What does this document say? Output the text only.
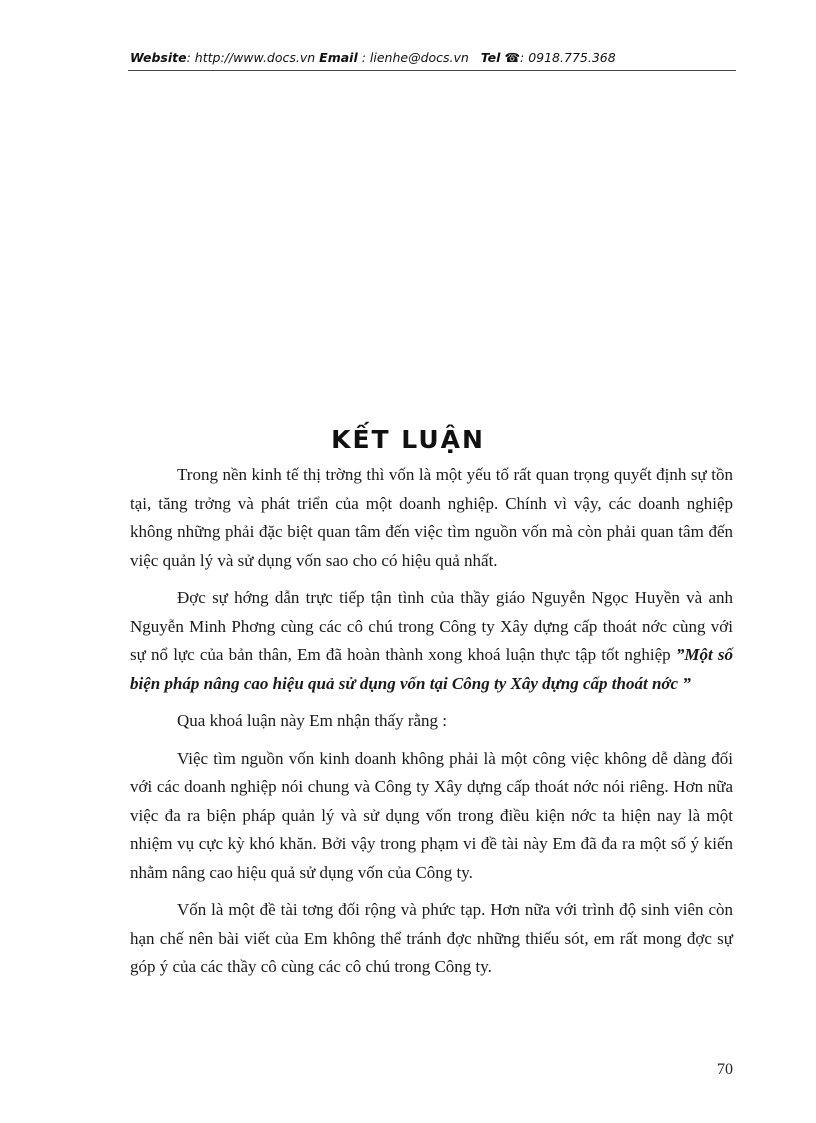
Website: http://www.docs.vn Email : lienhe@docs.vn Tel ☎: 0918.775.368
KẾT LUẬN

Trong nền kinh tế thị trờng thì vốn là một yếu tố rất quan trọng quyết định sự tồn tại, tăng trởng và phát triển của một doanh nghiệp. Chính vì vậy, các doanh nghiệp không những phải đặc biệt quan tâm đến việc tìm nguồn vốn mà còn phải quan tâm đến việc quản lý và sử dụng vốn sao cho có hiệu quả nhất.

Đợc sự hớng dẫn trực tiếp tận tình của thầy giáo Nguyễn Ngọc Huyền và anh Nguyễn Minh Phơng cùng các cô chú trong Công ty Xây dựng cấp thoát nớc cùng với sự nổ lực của bản thân, Em đã hoàn thành xong khoá luận thực tập tốt nghiệp ”Một số biện pháp nâng cao hiệu quả sử dụng vốn tại Công ty Xây dựng cấp thoát nớc ”

Qua khoá luận này Em nhận thấy rằng :

Việc tìm nguồn vốn kinh doanh không phải là một công việc không dễ dàng đối với các doanh nghiệp nói chung và Công ty Xây dựng cấp thoát nớc nói riêng. Hơn nữa việc đa ra biện pháp quản lý và sử dụng vốn trong điều kiện nớc ta hiện nay là một nhiệm vụ cực kỳ khó khăn. Bởi vậy trong phạm vi đề tài này Em đã đa ra một số ý kiến nhằm nâng cao hiệu quả sử dụng vốn của Công ty.

Vốn là một đề tài tơng đối rộng và phức tạp. Hơn nữa với trình độ sinh viên còn hạn chế nên bài viết của Em không thể tránh đợc những thiếu sót, em rất mong đợc sự góp ý của các thầy cô cùng các cô chú trong Công ty.

70
